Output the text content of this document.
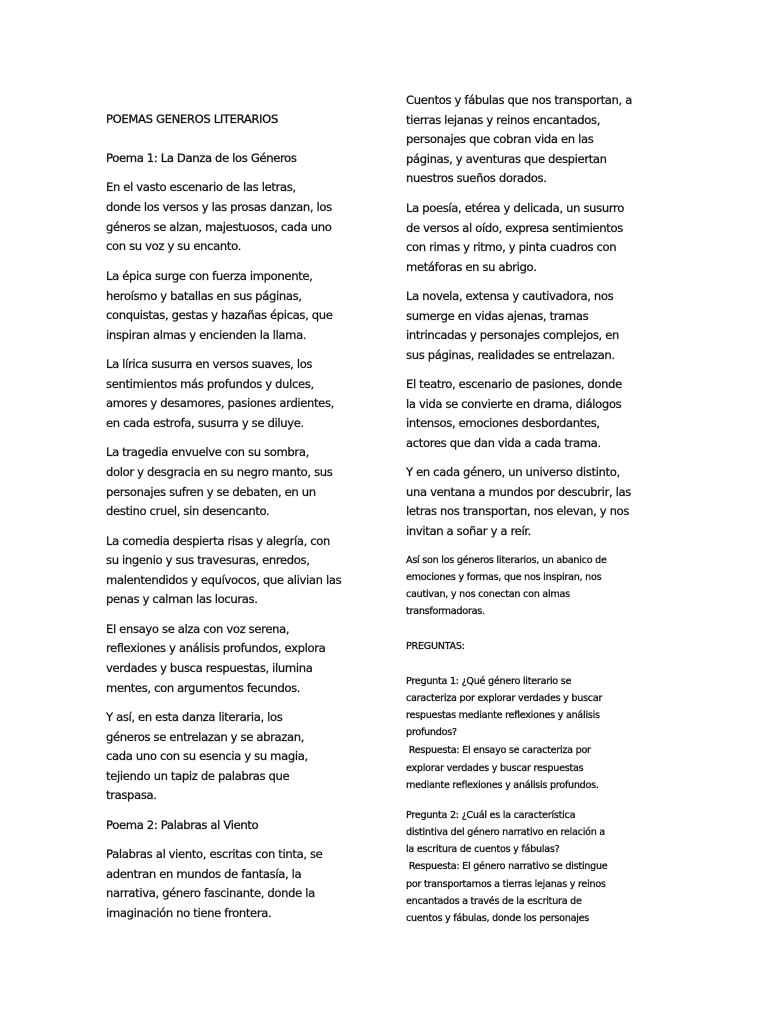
POEMAS GENEROS LITERARIOS
Poema 1: La Danza de los Géneros
En el vasto escenario de las letras,
donde los versos y las prosas danzan, los
géneros se alzan, majestuosos, cada uno
con su voz y su encanto.
La épica surge con fuerza imponente,
heroísmo y batallas en sus páginas,
conquistas, gestas y hazañas épicas, que
inspiran almas y encienden la llama.
La lírica susurra en versos suaves, los
sentimientos más profundos y dulces,
amores y desamores, pasiones ardientes,
en cada estrofa, susurra y se diluye.
La tragedia envuelve con su sombra,
dolor y desgracia en su negro manto, sus
personajes sufren y se debaten, en un
destino cruel, sin desencanto.
La comedia despierta risas y alegría, con
su ingenio y sus travesuras, enredos,
malentendidos y equívocos, que alivian las
penas y calman las locuras.
El ensayo se alza con voz serena,
reflexiones y análisis profundos, explora
verdades y busca respuestas, ilumina
mentes, con argumentos fecundos.
Y así, en esta danza literaria, los
géneros se entrelazan y se abrazan,
cada uno con su esencia y su magia,
tejiendo un tapiz de palabras que
traspasa.
Poema 2: Palabras al Viento
Palabras al viento, escritas con tinta, se
adentran en mundos de fantasía, la
narrativa, género fascinante, donde la
imaginación no tiene frontera.
Cuentos y fábulas que nos transportan, a
tierras lejanas y reinos encantados,
personajes que cobran vida en las
páginas, y aventuras que despiertan
nuestros sueños dorados.
La poesía, etérea y delicada, un susurro
de versos al oído, expresa sentimientos
con rimas y ritmo, y pinta cuadros con
metáforas en su abrigo.
La novela, extensa y cautivadora, nos
sumerge en vidas ajenas, tramas
intrincadas y personajes complejos, en
sus páginas, realidades se entrelazan.
El teatro, escenario de pasiones, donde
la vida se convierte en drama, diálogos
intensos, emociones desbordantes,
actores que dan vida a cada trama.
Y en cada género, un universo distinto,
una ventana a mundos por descubrir, las
letras nos transportan, nos elevan, y nos
invitan a soñar y a reír.
Así son los géneros literarios, un abanico de
emociones y formas, que nos inspiran, nos
cautivan, y nos conectan con almas
transformadoras.
PREGUNTAS:
Pregunta 1: ¿Qué género literario se
caracteriza por explorar verdades y buscar
respuestas mediante reflexiones y análisis
profundos?
Respuesta: El ensayo se caracteriza por
explorar verdades y buscar respuestas
mediante reflexiones y análisis profundos.
Pregunta 2: ¿Cuál es la característica
distintiva del género narrativo en relación a
la escritura de cuentos y fábulas?
Respuesta: El género narrativo se distingue
por transportarnos a tierras lejanas y reinos
encantados a través de la escritura de
cuentos y fábulas, donde los personajes
